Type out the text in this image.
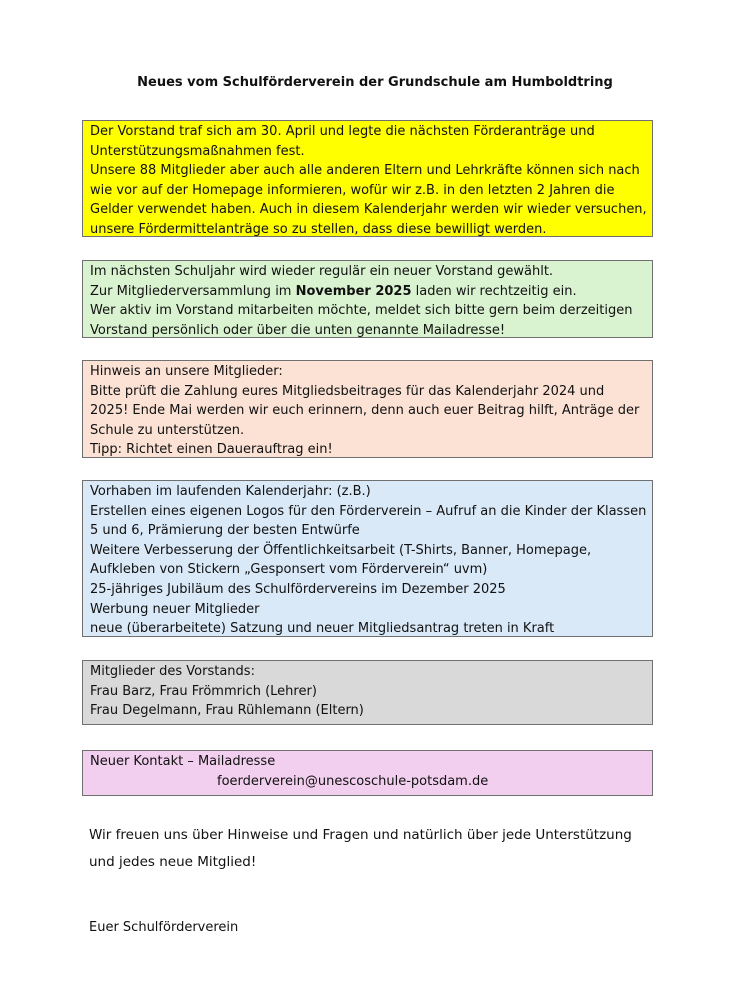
Neues vom Schulförderverein der Grundschule am Humboldtring
Der Vorstand traf sich am 30. April und legte die nächsten Förderanträge und
Unterstützungsmaßnahmen fest.
Unsere 88 Mitglieder aber auch alle anderen Eltern und Lehrkräfte können sich nach
wie vor auf der Homepage informieren, wofür wir z.B. in den letzten 2 Jahren die
Gelder verwendet haben. Auch in diesem Kalenderjahr werden wir wieder versuchen,
unsere Fördermittelanträge so zu stellen, dass diese bewilligt werden.
Im nächsten Schuljahr wird wieder regulär ein neuer Vorstand gewählt.
Zur Mitgliederversammlung im November 2025 laden wir rechtzeitig ein.
Wer aktiv im Vorstand mitarbeiten möchte, meldet sich bitte gern beim derzeitigen
Vorstand persönlich oder über die unten genannte Mailadresse!
Hinweis an unsere Mitglieder:
Bitte prüft die Zahlung eures Mitgliedsbeitrages für das Kalenderjahr 2024 und
2025! Ende Mai werden wir euch erinnern, denn auch euer Beitrag hilft, Anträge der
Schule zu unterstützen.
Tipp: Richtet einen Dauerauftrag ein!
Vorhaben im laufenden Kalenderjahr: (z.B.)
Erstellen eines eigenen Logos für den Förderverein – Aufruf an die Kinder der Klassen
5 und 6, Prämierung der besten Entwürfe
Weitere Verbesserung der Öffentlichkeitsarbeit (T-Shirts, Banner, Homepage,
Aufkleben von Stickern „Gesponsert vom Förderverein“ uvm)
25-jähriges Jubiläum des Schulfördervereins im Dezember 2025
Werbung neuer Mitglieder
neue (überarbeitete) Satzung und neuer Mitgliedsantrag treten in Kraft
Mitglieder des Vorstands:
Frau Barz, Frau Frömmrich (Lehrer)
Frau Degelmann, Frau Rühlemann (Eltern)
Neuer Kontakt – Mailadresse
foerderverein@unescoschule-potsdam.de
Wir freuen uns über Hinweise und Fragen und natürlich über jede Unterstützung
und jedes neue Mitglied!
Euer Schulförderverein
